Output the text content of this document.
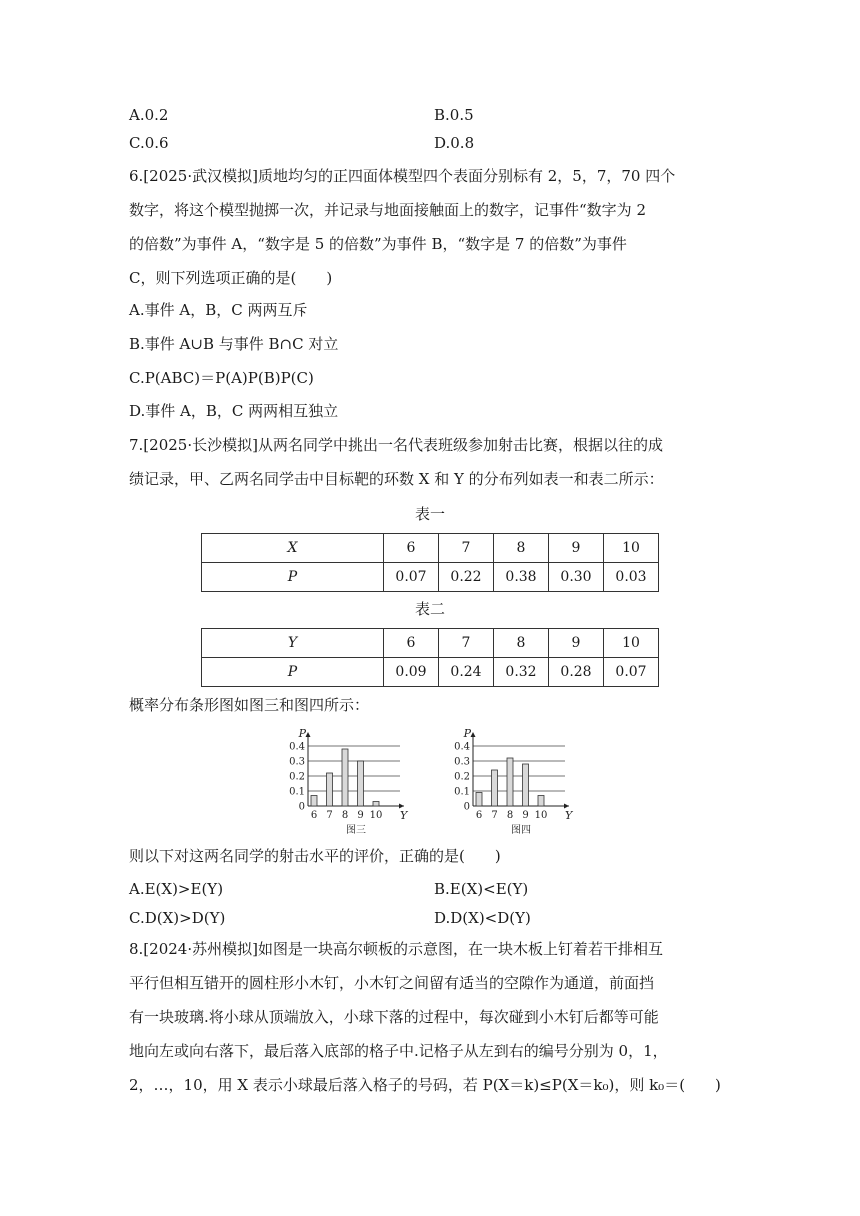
A.0.2	B.0.5
C.0.6	D.0.8
6.[2025·武汉模拟]质地均匀的正四面体模型四个表面分别标有 2，5，7，70 四个
数字，将这个模型抛掷一次，并记录与地面接触面上的数字，记事件“数字为 2
的倍数”为事件 A，“数字是 5 的倍数”为事件 B，“数字是 7 的倍数”为事件
C，则下列选项正确的是(　　)
A.事件 A，B，C 两两互斥
B.事件 A∪B 与事件 B∩C 对立
C.P(ABC)＝P(A)P(B)P(C)
D.事件 A，B，C 两两相互独立
7.[2025·长沙模拟]从两名同学中挑出一名代表班级参加射击比赛，根据以往的成
绩记录，甲、乙两名同学击中目标靶的环数 X 和 Y 的分布列如表一和表二所示：
表一
X	6	7	8	9	10
P	0.07	0.22	0.38	0.30	0.03
表二
Y	6	7	8	9	10
P	0.09	0.24	0.32	0.28	0.07
概率分布条形图如图三和图四所示：
0
0.1
0.2
0.3
0.4
P
Y
6 7 8 9 10
图三
0
0.1
0.2
0.3
0.4
P
Y
6 7 8 9 10
图四
则以下对这两名同学的射击水平的评价，正确的是(　　)
A.E(X)>E(Y)	B.E(X)<E(Y)
C.D(X)>D(Y)	D.D(X)<D(Y)
8.[2024·苏州模拟]如图是一块高尔顿板的示意图，在一块木板上钉着若干排相互
平行但相互错开的圆柱形小木钉，小木钉之间留有适当的空隙作为通道，前面挡
有一块玻璃.将小球从顶端放入，小球下落的过程中，每次碰到小木钉后都等可能
地向左或向右落下，最后落入底部的格子中.记格子从左到右的编号分别为 0，1，
2，…，10，用 X 表示小球最后落入格子的号码，若 P(X＝k)≤P(X＝k₀)，则 k₀＝(　　)
